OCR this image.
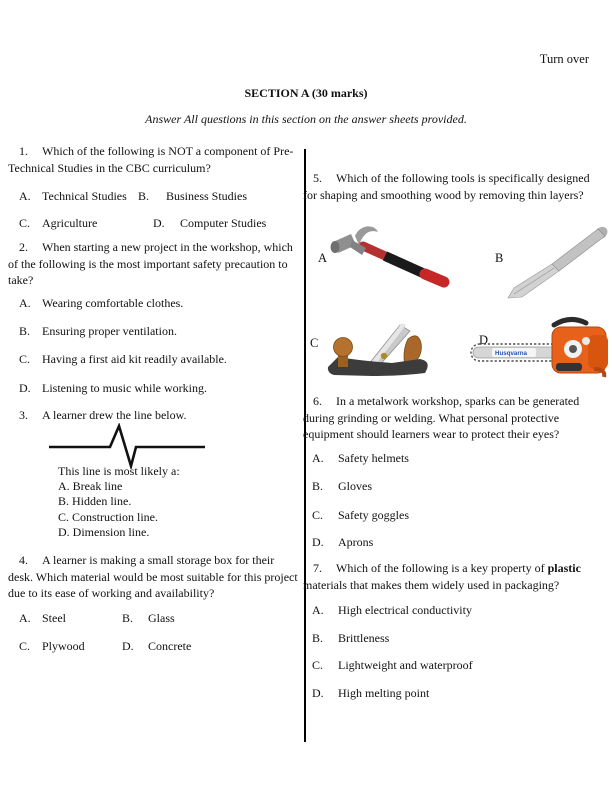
Turn over
SECTION A (30 marks)
Answer All questions in this section on the answer sheets provided.

1. Which of the following is NOT a component of Pre-Technical Studies in the CBC curriculum?

A. Technical Studies B. Business Studies
C. Agriculture	D. Computer Studies

2. When starting a new project in the workshop, which of the following is the most important safety precaution to take?

A. Wearing comfortable clothes.
B. Ensuring proper ventilation.
C. Having a first aid kit readily available.
D. Listening to music while working.

3. A learner drew the line below.

This line is most likely a:
A. Break line
B. Hidden line.
C. Construction line.
D. Dimension line.

4. A learner is making a small storage box for their desk. Which material would be most suitable for this project due to its ease of working and availability?

A. Steel	B. Glass
C. Plywood	D. Concrete

5. Which of the following tools is specifically designed for shaping and smoothing wood by removing thin layers?

A	B
C	D
Husqvarna

6. In a metalwork workshop, sparks can be generated during grinding or welding. What personal protective equipment should learners wear to protect their eyes?

A. Safety helmets
B. Gloves
C. Safety goggles
D. Aprons

7. Which of the following is a key property of plastic materials that makes them widely used in packaging?

A. High electrical conductivity
B. Brittleness
C. Lightweight and waterproof
D. High melting point
